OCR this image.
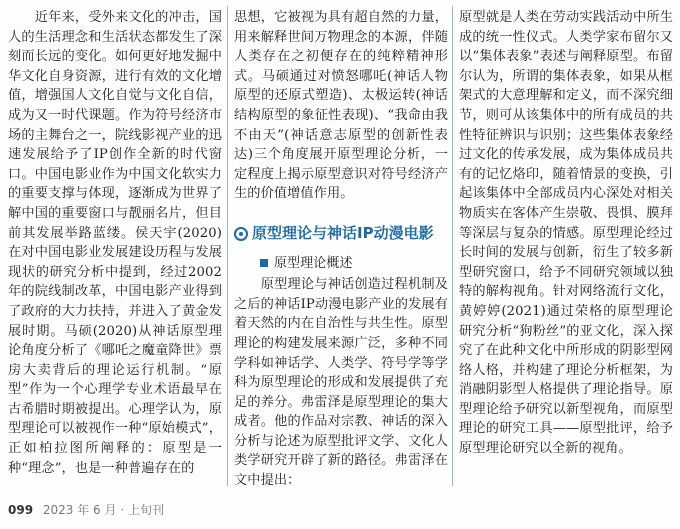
　　近年来，受外来文化的冲击，国人的生活理念和生活状态都发生了深刻而长远的变化。如何更好地发掘中华文化自身资源，进行有效的文化增值，增强国人文化自觉与文化自信，成为又一时代课题。作为符号经济市场的主舞台之一，院线影视产业的迅速发展给予了IP创作全新的时代窗口。中国电影业作为中国文化软实力的重要支撑与体现，逐渐成为世界了解中国的重要窗口与靓丽名片，但目前其发展举路蓝缕。侯天宇(2020)在对中国电影业发展建设历程与发展现状的研究分析中提到，经过2002年的院线制改革，中国电影产业得到了政府的大力扶持，并进入了黄金发展时期。马硕(2020)从神话原型理论角度分析了《哪吒之魔童降世》票房大卖背后的理论运行机制。“原型”作为一个心理学专业术语最早在古希腊时期被提出。心理学认为，原型理论可以被视作一种“原始模式”，正如柏拉图所阐释的：原型是一种“理念”，也是一种普遍存在的

思想，它被视为具有超自然的力量，用来解释世间万物理念的本源，伴随人类存在之初便存在的纯粹精神形式。马硕通过对愤怒哪吒(神话人物原型的还原式塑造)、太极运转(神话结构原型的象征性表现)、“我命由我不由天”(神话意志原型的创新性表达)三个角度展开原型理论分析，一定程度上揭示原型意识对符号经济产生的价值增值作用。

原型理论与神话IP动漫电影
原型理论概述

　　原型理论与神话创造过程机制及之后的神话IP动漫电影产业的发展有着天然的内在自治性与共生性。原型理论的构建发展来源广泛，多种不同学科如神话学、人类学、符号学等学科为原型理论的形成和发展提供了充足的养分。弗雷泽是原型理论的集大成者。他的作品对宗教、神话的深入分析与论述为原型批评文学、文化人类学研究开辟了新的路径。弗雷泽在文中提出：

原型就是人类在劳动实践活动中所生成的统一性仪式。人类学家布留尔又以“集体表象”表述与阐释原型。布留尔认为，所谓的集体表象，如果从框架式的大意理解和定义，而不深究细节，则可从该集体中的所有成员的共性特征辨识与识别；这些集体表象经过文化的传承发展，成为集体成员共有的记忆烙印，随着情景的变换，引起该集体中全部成员内心深处对相关物质实在客体产生崇敬、畏惧、膜拜等深层与复杂的情感。原型理论经过长时间的发展与创新，衍生了较多新型研究窗口，给予不同研究领域以独特的解构视角。针对网络流行文化，黄婷婷(2021)通过荣格的原型理论研究分析“狗粉丝”的亚文化，深入探究了在此种文化中所形成的阴影型网络人格，并构建了理论分析框架，为消融阴影型人格提供了理论指导。原型理论给予研究以新型视角，而原型理论的研究工具——原型批评，给予原型理论研究以全新的视角。

099 2023 年 6 月 · 上旬刊
